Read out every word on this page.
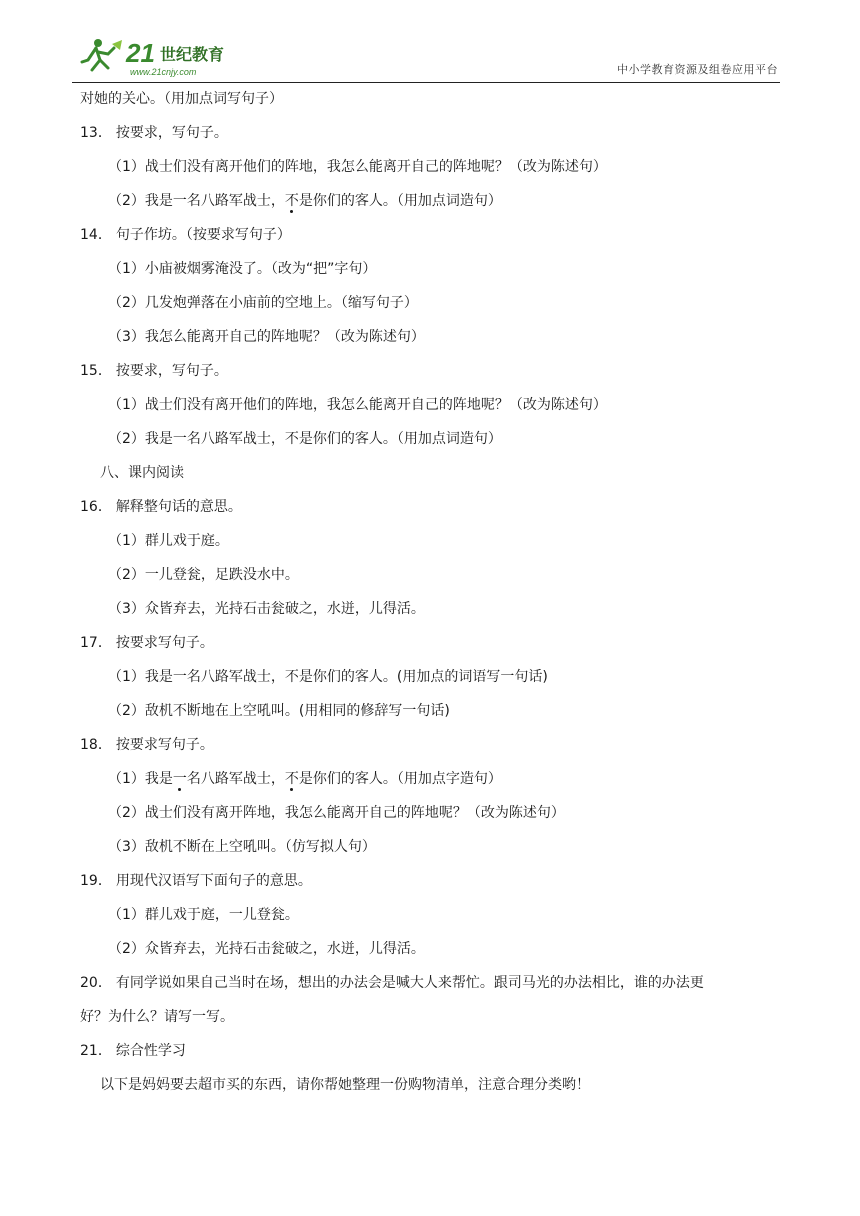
21 世纪教育
www.21cnjy.com	中小学教育资源及组卷应用平台
对她的关心。（用加点词写句子）
13． 按要求，写句子。
（1）战士们没有离开他们的阵地，我怎么能离开自己的阵地呢？（改为陈述句）
（2）我是一名八路军战士，不是你们的客人。（用加点词造句）
14． 句子作坊。（按要求写句子）
（1）小庙被烟雾淹没了。（改为“把”字句）
（2）几发炮弹落在小庙前的空地上。（缩写句子）
（3）我怎么能离开自己的阵地呢？（改为陈述句）
15． 按要求，写句子。
（1）战士们没有离开他们的阵地，我怎么能离开自己的阵地呢？（改为陈述句）
（2）我是一名八路军战士，不是你们的客人。（用加点词造句）
八、课内阅读
16． 解释整句话的意思。
（1）群儿戏于庭。
（2）一儿登瓮，足跌没水中。
（3）众皆弃去，光持石击瓮破之，水迸，儿得活。
17． 按要求写句子。
（1）我是一名八路军战士，不是你们的客人。(用加点的词语写一句话)
（2）敌机不断地在上空吼叫。(用相同的修辞写一句话)
18． 按要求写句子。
（1）我是一名八路军战士，不是你们的客人。（用加点字造句）
（2）战士们没有离开阵地，我怎么能离开自己的阵地呢？（改为陈述句）
（3）敌机不断在上空吼叫。（仿写拟人句）
19． 用现代汉语写下面句子的意思。
（1）群儿戏于庭，一儿登瓮。
（2）众皆弃去，光持石击瓮破之，水迸，儿得活。
20． 有同学说如果自己当时在场，想出的办法会是喊大人来帮忙。跟司马光的办法相比，谁的办法更
好？为什么？请写一写。
21． 综合性学习
以下是妈妈要去超市买的东西，请你帮她整理一份购物清单，注意合理分类哟！
